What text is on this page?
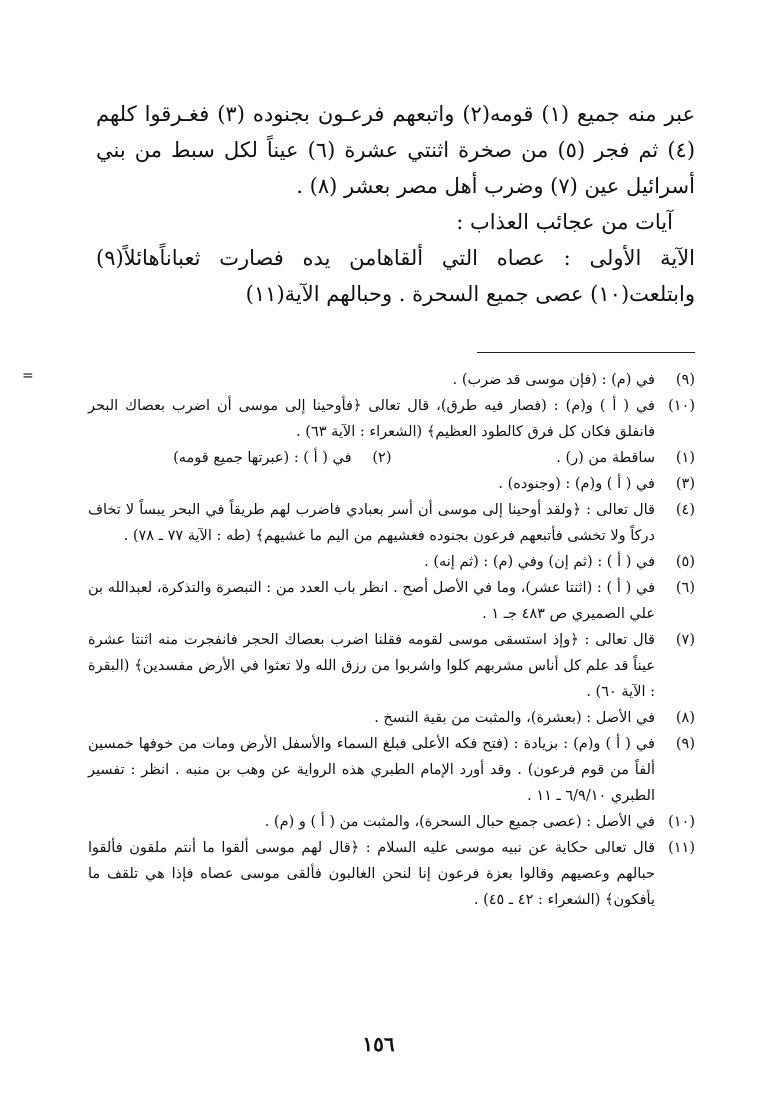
عبر منه جميع (١) قومه(٢) واتبعهم فرعـون بجنوده (٣) فغـرقوا كلهم (٤) ثم فجر (٥) من صخرة اثنتي عشرة (٦) عيناً لكل سبط من بني أسرائيل عين (٧) وضرب أهل مصر بعشر (٨) .

آيات من عجائب العذاب :

الآية الأولى : عصاه التي ألقاهامن يده فصارت ثعباناًهائلاً(٩) وابتلعت(١٠) عصى جميع السحرة . وحبالهم الآية(١١)

=	(٩)
في (م) : (فإن موسى قد ضرب) .
(١٠)
في ( أ ) و(م) : (فصار فيه طرق)، قال تعالى ﴿فأوحينا إلى موسى أن اضرب بعصاك البحر فانفلق فكان كل فرق كالطود العظيم﴾ (الشعراء : الآية ٦٣) .
(١)
ساقطة من (ر) .
(٢)
في ( أ ) : (عبرتها جميع قومه)
(٣)
في ( أ ) و(م) : (وجنوده) .
(٤)
قال تعالى : ﴿ولقد أوحينا إلى موسى أن أسر بعبادي فاضرب لهم طريقاً في البحر يبساً لا تخاف دركاً ولا تخشى فأتبعهم فرعون بجنوده فغشيهم من اليم ما غشيهم﴾ (طه : الآية ٧٧ ـ ٧٨) .
(٥)
في ( أ ) : (ثم إن) وفي (م) : (ثم إنه) .
(٦)
في ( أ ) : (اثنتا عشر)، وما في الأصل أصح . انظر باب العدد من : التبصرة والتذكرة، لعبدالله بن علي الصميري ص ٤٨٣ جـ ١ .
(٧)
قال تعالى : ﴿وإذ استسقى موسى لقومه فقلنا اضرب بعصاك الحجر فانفجرت منه اثنتا عشرة عيناً قد علم كل أناس مشربهم كلوا واشربوا من رزق الله ولا تعثوا في الأرض مفسدين﴾ (البقرة : الآية ٦٠) .
(٨)
في الأصل : (بعشرة)، والمثبت من بقية النسخ .
(٩)
في ( أ ) و(م) : بزيادة : (فتح فكه الأعلى فبلغ السماء والأسفل الأرض ومات من خوفها خمسين ألفاً من قوم فرعون) . وقد أورد الإمام الطبري هذه الرواية عن وهب بن منبه . انظر : تفسير الطبري ٦/٩/١٠ ـ ١١ .
(١٠)
في الأصل : (عصى جميع حبال السحرة)، والمثبت من ( أ ) و (م) .
(١١)
قال تعالى حكاية عن نبيه موسى عليه السلام : ﴿قال لهم موسى ألقوا ما أنتم ملقون فألقوا حبالهم وعصيهم وقالوا بعزة فرعون إنا لنحن الغالبون فألقى موسى عصاه فإذا هي تلقف ما يأفكون﴾ (الشعراء : ٤٢ ـ ٤٥) .
١٥٦
